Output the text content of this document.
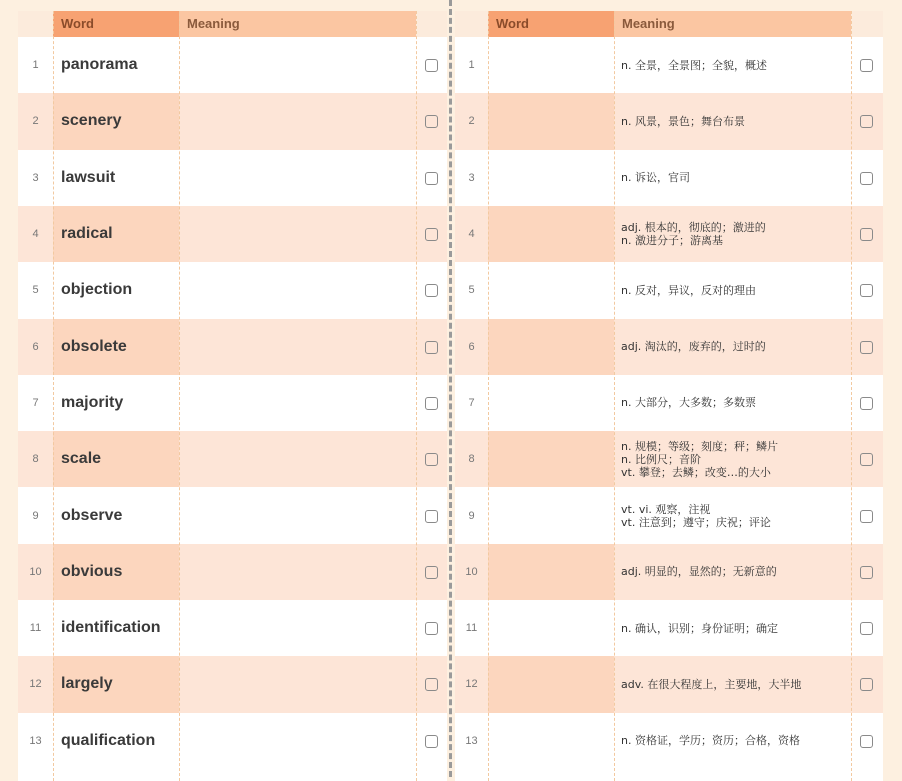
Word	Meaning
1	panorama
2	scenery
3	lawsuit
4	radical
5	objection
6	obsolete
7	majority
8	scale
9	observe
10	obvious
11	identification
12	largely
13	qualification
Word	Meaning
1	n. 全景，全景图；全貌，概述
2	n. 风景，景色；舞台布景
3	n. 诉讼，官司
4	adj. 根本的，彻底的；激进的
n. 激进分子；游离基
5	n. 反对，异议，反对的理由
6	adj. 淘汰的，废弃的，过时的
7	n. 大部分，大多数；多数票
8
n. 规模；等级；刻度；秤；鳞片
n. 比例尺；音阶
vt. 攀登；去鳞；改变…的大小
9	vt. vi. 观察，注视
vt. 注意到；遵守；庆祝；评论
10	adj. 明显的，显然的；无新意的
11	n. 确认，识别；身份证明；确定
12	adv. 在很大程度上，主要地，大半地
13	n. 资格证，学历；资历；合格，资格
